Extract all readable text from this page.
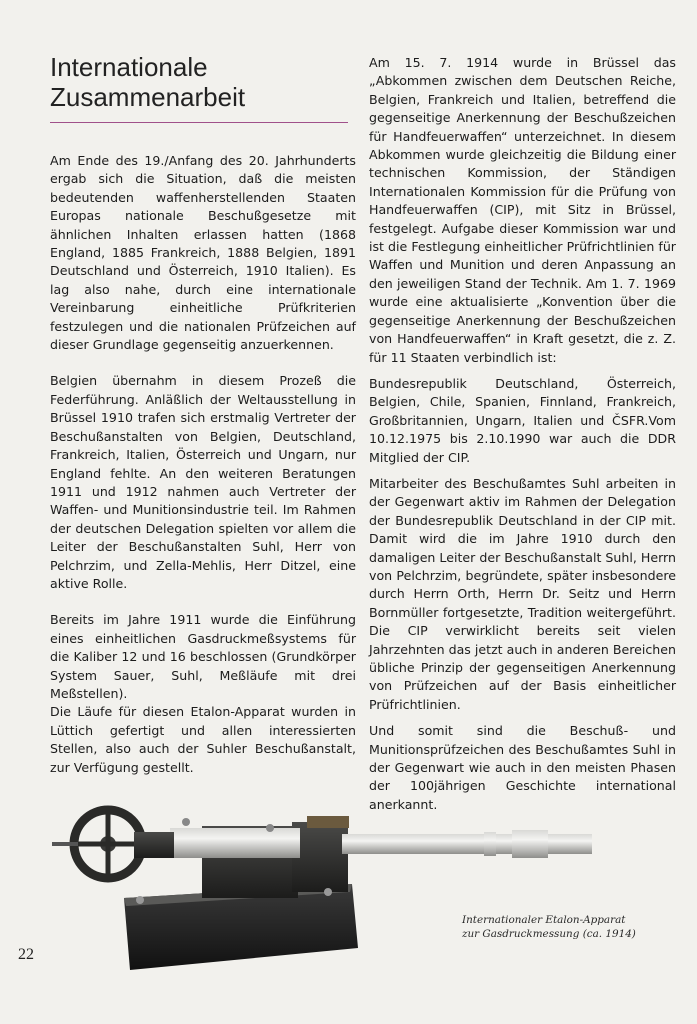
Internationale
Zusammenarbeit

Am Ende des 19./Anfang des 20. Jahrhunderts ergab sich die Situation, daß die meisten bedeutenden waffenherstellenden Staaten Europas nationale Beschußgesetze mit ähnlichen Inhalten erlassen hatten (1868 England, 1885 Frankreich, 1888 Belgien, 1891 Deutschland und Österreich, 1910 Italien). Es lag also nahe, durch eine internationale Vereinbarung einheitliche Prüfkriterien festzulegen und die nationalen Prüfzeichen auf dieser Grundlage gegenseitig anzuerkennen.

Belgien übernahm in diesem Prozeß die Federführung. Anläßlich der Weltausstellung in Brüssel 1910 trafen sich erstmalig Vertreter der Beschußanstalten von Belgien, Deutschland, Frankreich, Italien, Österreich und Ungarn, nur England fehlte. An den weiteren Beratungen 1911 und 1912 nahmen auch Vertreter der Waffen- und Munitionsindustrie teil. Im Rahmen der deutschen Delegation spielten vor allem die Leiter der Beschußanstalten Suhl, Herr von Pelchrzim, und Zella-Mehlis, Herr Ditzel, eine aktive Rolle.

Bereits im Jahre 1911 wurde die Einführung eines einheitlichen Gasdruckmeßsystems für die Kaliber 12 und 16 beschlossen (Grundkörper System Sauer, Suhl, Meßläufe mit drei Meßstellen).

Die Läufe für diesen Etalon-Apparat wurden in Lüttich gefertigt und allen interessierten Stellen, also auch der Suhler Beschußanstalt, zur Verfügung gestellt.

Am 15. 7. 1914 wurde in Brüssel das „Abkommen zwischen dem Deutschen Reiche, Belgien, Frankreich und Italien, betreffend die gegenseitige Anerkennung der Beschußzeichen für Handfeuerwaffen“ unterzeichnet. In diesem Abkommen wurde gleichzeitig die Bildung einer technischen Kommission, der Ständigen Internationalen Kommission für die Prüfung von Handfeuerwaffen (CIP), mit Sitz in Brüssel, festgelegt. Aufgabe dieser Kommission war und ist die Festlegung einheitlicher Prüfrichtlinien für Waffen und Munition und deren Anpassung an den jeweiligen Stand der Technik. Am 1. 7. 1969 wurde eine aktualisierte „Konvention über die gegenseitige Anerkennung der Beschußzeichen von Handfeuerwaffen“ in Kraft gesetzt, die z. Z. für 11 Staaten verbindlich ist:

Bundesrepublik Deutschland, Österreich, Belgien, Chile, Spanien, Finnland, Frankreich, Großbritannien, Ungarn, Italien und ČSFR.Vom 10.12.1975 bis 2.10.1990 war auch die DDR Mitglied der CIP.

Mitarbeiter des Beschußamtes Suhl arbeiten in der Gegenwart aktiv im Rahmen der Delegation der Bundesrepublik Deutschland in der CIP mit. Damit wird die im Jahre 1910 durch den damaligen Leiter der Beschußanstalt Suhl, Herrn von Pelchrzim, begründete, später insbesondere durch Herrn Orth, Herrn Dr. Seitz und Herrn Bornmüller fortgesetzte, Tradition weitergeführt. Die CIP verwirklicht bereits seit vielen Jahrzehnten das jetzt auch in anderen Bereichen übliche Prinzip der gegenseitigen Anerkennung von Prüfzeichen auf der Basis einheitlicher Prüfrichtlinien.

Und somit sind die Beschuß- und Munitionsprüfzeichen des Beschußamtes Suhl in der Gegenwart wie auch in den meisten Phasen der 100jährigen Geschichte international anerkannt.

Internationaler Etalon-Apparat
zur Gasdruckmessung (ca. 1914)
22
